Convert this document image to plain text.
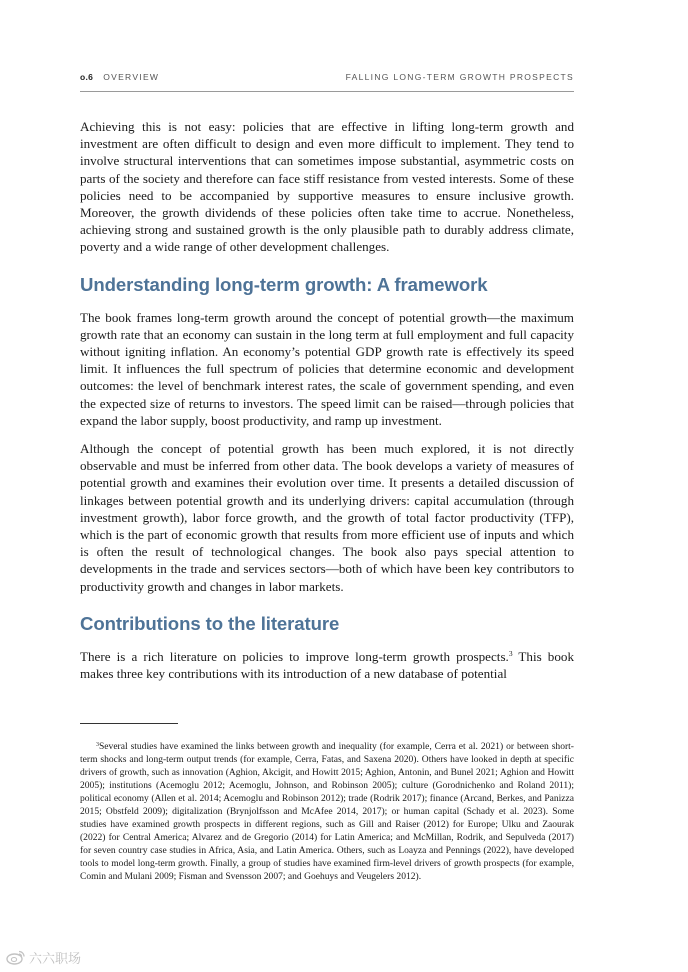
o.6 OVERVIEW	FALLING LONG-TERM GROWTH PROSPECTS

Achieving this is not easy: policies that are effective in lifting long-term growth and investment are often difficult to design and even more difficult to implement. They tend to involve structural interventions that can sometimes impose substantial, asymmetric costs on parts of the society and therefore can face stiff resistance from vested interests. Some of these policies need to be accompanied by supportive measures to ensure inclusive growth. Moreover, the growth dividends of these policies often take time to accrue. Nonetheless, achieving strong and sustained growth is the only plausible path to durably address climate, poverty and a wide range of other development challenges.

Understanding long-term growth: A framework

The book frames long-term growth around the concept of potential growth—the maximum growth rate that an economy can sustain in the long term at full employment and full capacity without igniting inflation. An economy’s potential GDP growth rate is effectively its speed limit. It influences the full spectrum of policies that determine economic and development outcomes: the level of benchmark interest rates, the scale of government spending, and even the expected size of returns to investors. The speed limit can be raised—through policies that expand the labor supply, boost productivity, and ramp up investment.

Although the concept of potential growth has been much explored, it is not directly observable and must be inferred from other data. The book develops a variety of measures of potential growth and examines their evolution over time. It presents a detailed discussion of linkages between potential growth and its underlying drivers: capital accumulation (through investment growth), labor force growth, and the growth of total factor productivity (TFP), which is the part of economic growth that results from more efficient use of inputs and which is often the result of technological changes. The book also pays special attention to developments in the trade and services sectors—both of which have been key contributors to productivity growth and changes in labor markets.

Contributions to the literature

There is a rich literature on policies to improve long-term growth prospects.$^3$ This book makes three key contributions with its introduction of a new database of potential

$^3$Several studies have examined the links between growth and inequality (for example, Cerra et al. 2021) or between short-term shocks and long-term output trends (for example, Cerra, Fatas, and Saxena 2020). Others have looked in depth at specific drivers of growth, such as innovation (Aghion, Akcigit, and Howitt 2015; Aghion, Antonin, and Bunel 2021; Aghion and Howitt 2005); institutions (Acemoglu 2012; Acemoglu, Johnson, and Robinson 2005); culture (Gorodnichenko and Roland 2011); political economy (Allen et al. 2014; Acemoglu and Robinson 2012); trade (Rodrik 2017); finance (Arcand, Berkes, and Panizza 2015; Obstfeld 2009); digitalization (Brynjolfsson and McAfee 2014, 2017); or human capital (Schady et al. 2023). Some studies have examined growth prospects in different regions, such as Gill and Raiser (2012) for Europe; Ulku and Zaourak (2022) for Central America; Alvarez and de Gregorio (2014) for Latin America; and McMillan, Rodrik, and Sepulveda (2017) for seven country case studies in Africa, Asia, and Latin America. Others, such as Loayza and Pennings (2022), have developed tools to model long-term growth. Finally, a group of studies have examined firm-level drivers of growth prospects (for example, Comin and Mulani 2009; Fisman and Svensson 2007; and Goehuys and Veugelers 2012).

六六职场
